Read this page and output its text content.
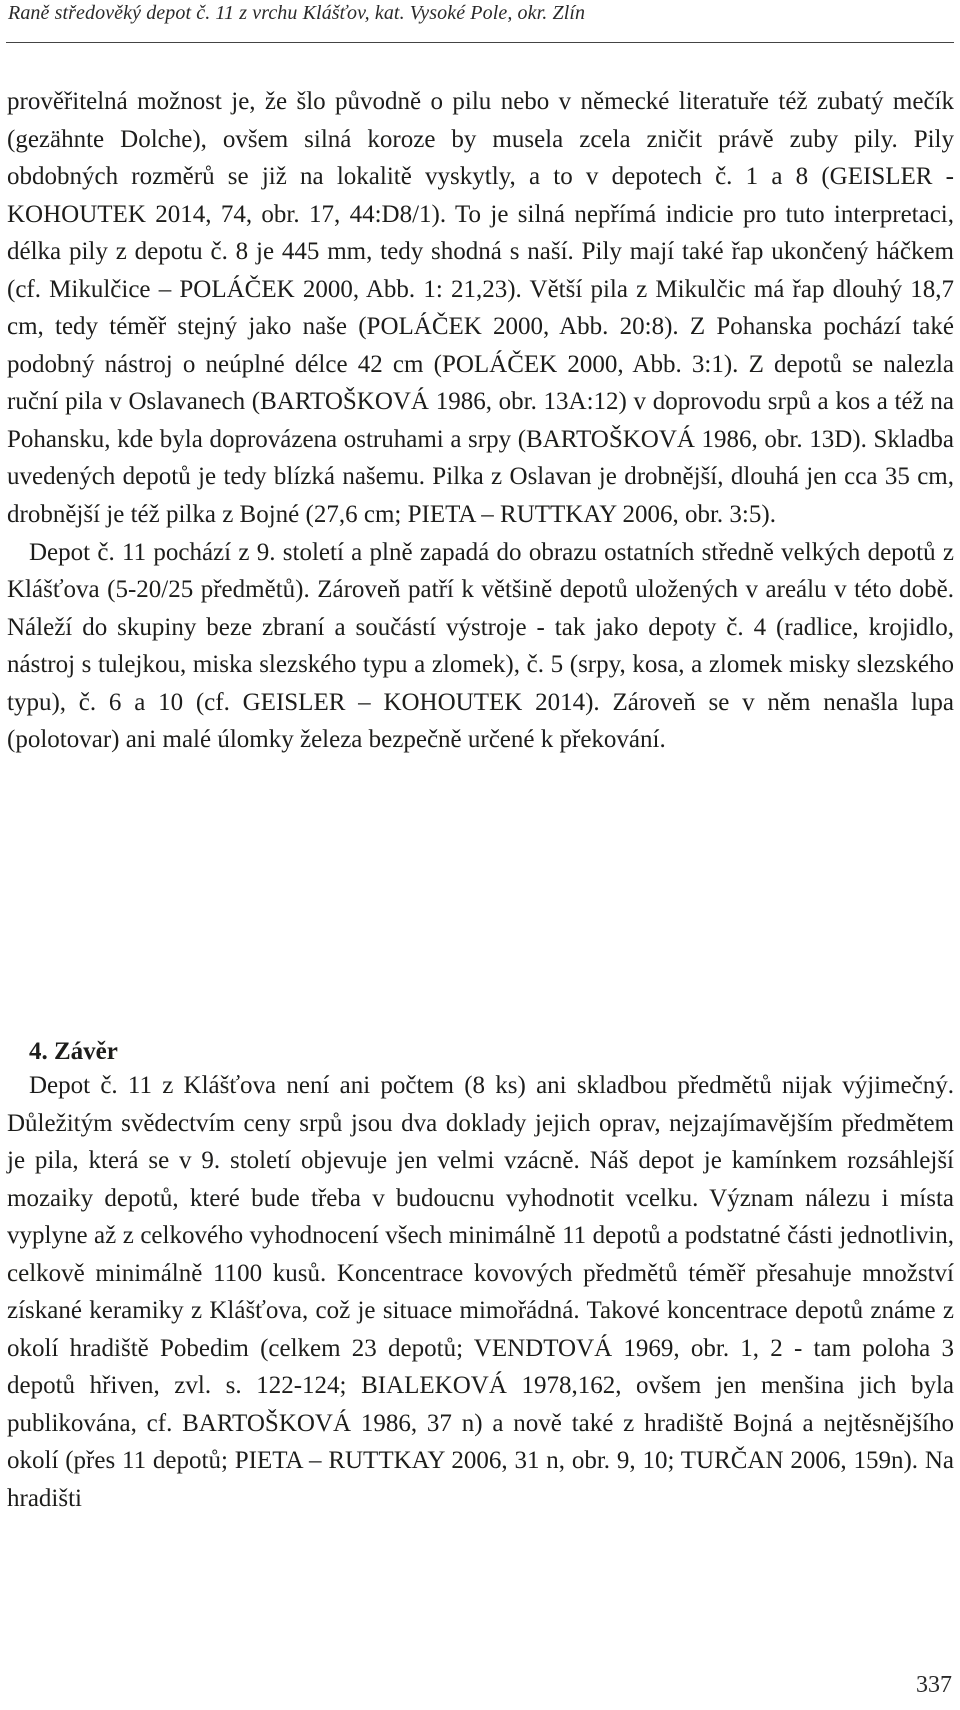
Raně středověký depot č. 11 z vrchu Klášťov, kat. Vysoké Pole, okr. Zlín

prověřitelná možnost je, že šlo původně o pilu nebo v německé literatuře též zubatý mečík (gezähnte Dolche), ovšem silná koroze by musela zcela zničit právě zuby pily. Pily obdobných rozměrů se již na lokalitě vyskytly, a to v depotech č. 1 a 8 (GEISLER - KOHOUTEK 2014, 74, obr. 17, 44:D8/1). To je silná nepřímá indicie pro tuto interpretaci, délka pily z depotu č. 8 je 445 mm, tedy shodná s naší. Pily mají také řap ukončený háčkem (cf. Mikulčice – POLÁČEK 2000, Abb. 1: 21,23). Větší pila z Mikulčic má řap dlouhý 18,7 cm, tedy téměř stejný jako naše (POLÁČEK 2000, Abb. 20:8). Z Pohanska pochází také podobný nástroj o neúplné délce 42 cm (POLÁČEK 2000, Abb. 3:1). Z depotů se nalezla ruční pila v Oslavanech (BARTOŠKOVÁ 1986, obr. 13A:12) v doprovodu srpů a kos a též na Pohansku, kde byla doprovázena ostruhami a srpy (BARTOŠKOVÁ 1986, obr. 13D). Skladba uvedených depotů je tedy blízká našemu. Pilka z Oslavan je drobnější, dlouhá jen cca 35 cm, drobnější je též pilka z Bojné (27,6 cm; PIETA – RUTTKAY 2006, obr. 3:5).

Depot č. 11 pochází z 9. století a plně zapadá do obrazu ostatních středně velkých depotů z Klášťova (5-20/25 předmětů). Zároveň patří k většině depotů uložených v areálu v této době. Náleží do skupiny beze zbraní a součástí výstroje - tak jako depoty č. 4 (radlice, krojidlo, nástroj s tulejkou, miska slezského typu a zlomek), č. 5 (srpy, kosa, a zlomek misky slezského typu), č. 6 a 10 (cf. GEISLER – KOHOUTEK 2014). Zároveň se v něm nenašla lupa (polotovar) ani malé úlomky železa bezpečně určené k překování.

4. Závěr

Depot č. 11 z Klášťova není ani počtem (8 ks) ani skladbou předmětů nijak výjimečný. Důležitým svědectvím ceny srpů jsou dva doklady jejich oprav, nejzajímavějším předmětem je pila, která se v 9. století objevuje jen velmi vzácně. Náš depot je kamínkem rozsáhlejší mozaiky depotů, které bude třeba v budoucnu vyhodnotit vcelku. Význam nálezu i místa vyplyne až z celkového vyhodnocení všech minimálně 11 depotů a podstatné části jednotlivin, celkově minimálně 1100 kusů. Koncentrace kovových předmětů téměř přesahuje množství získané keramiky z Klášťova, což je situace mimořádná. Takové koncentrace depotů známe z okolí hradiště Pobedim (celkem 23 depotů; VENDTOVÁ 1969, obr. 1, 2 - tam poloha 3 depotů hřiven, zvl. s. 122-124; BIALEKOVÁ 1978,162, ovšem jen menšina jich byla publikována, cf. BARTOŠKOVÁ 1986, 37 n) a nově také z hradiště Bojná a nejtěsnějšího okolí (přes 11 depotů; PIETA – RUTTKAY 2006, 31 n, obr. 9, 10; TURČAN 2006, 159n). Na hradišti

337
